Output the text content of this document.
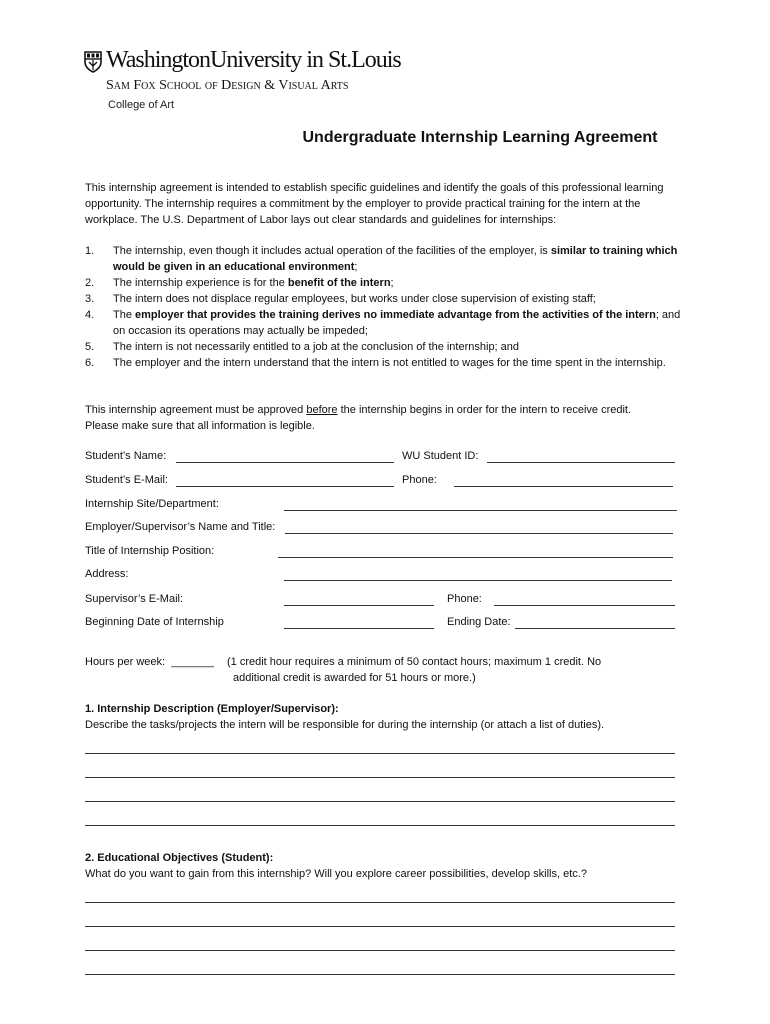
WashingtonUniversity in St.Louis
Sam Fox School of Design & Visual Arts
College of Art
Undergraduate Internship Learning Agreement
This internship agreement is intended to establish specific guidelines and identify the goals of this professional learning opportunity. The internship requires a commitment by the employer to provide practical training for the intern at the workplace. The U.S. Department of Labor lays out clear standards and guidelines for internships:
1. The internship, even though it includes actual operation of the facilities of the employer, is similar to training which would be given in an educational environment;
2. The internship experience is for the benefit of the intern;
3. The intern does not displace regular employees, but works under close supervision of existing staff;
4. The employer that provides the training derives no immediate advantage from the activities of the intern; and on occasion its operations may actually be impeded;
5. The intern is not necessarily entitled to a job at the conclusion of the internship; and
6. The employer and the intern understand that the intern is not entitled to wages for the time spent in the internship.
This internship agreement must be approved before the internship begins in order for the intern to receive credit.
Please make sure that all information is legible.
Student’s Name:	WU Student ID:
Student’s E-Mail:	Phone:
Internship Site/Department:
Employer/Supervisor’s Name and Title:
Title of Internship Position:
Address:
Supervisor’s E-Mail:	Phone:
Beginning Date of Internship	Ending Date:
Hours per week: _______ (1 credit hour requires a minimum of 50 contact hours; maximum 1 credit. No
additional credit is awarded for 51 hours or more.)
1. Internship Description (Employer/Supervisor):
Describe the tasks/projects the intern will be responsible for during the internship (or attach a list of duties).
2. Educational Objectives (Student):
What do you want to gain from this internship? Will you explore career possibilities, develop skills, etc.?
